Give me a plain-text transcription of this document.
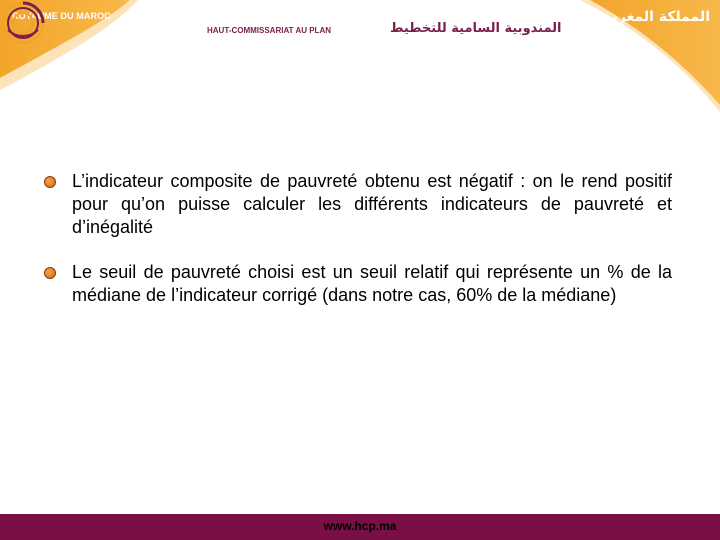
ROYAUME DU MAROC	المملكة المغربية
HAUT-COMMISSARIAT AU PLAN	المندوبية السامية للتخطيط
L’indicateur composite de pauvreté obtenu est négatif : on le rend positif pour qu’on puisse calculer les différents indicateurs de pauvreté et d’inégalité
Le seuil de pauvreté choisi est un seuil relatif qui représente un % de la médiane de l’indicateur corrigé (dans notre cas, 60% de la médiane)
www.hcp.ma
